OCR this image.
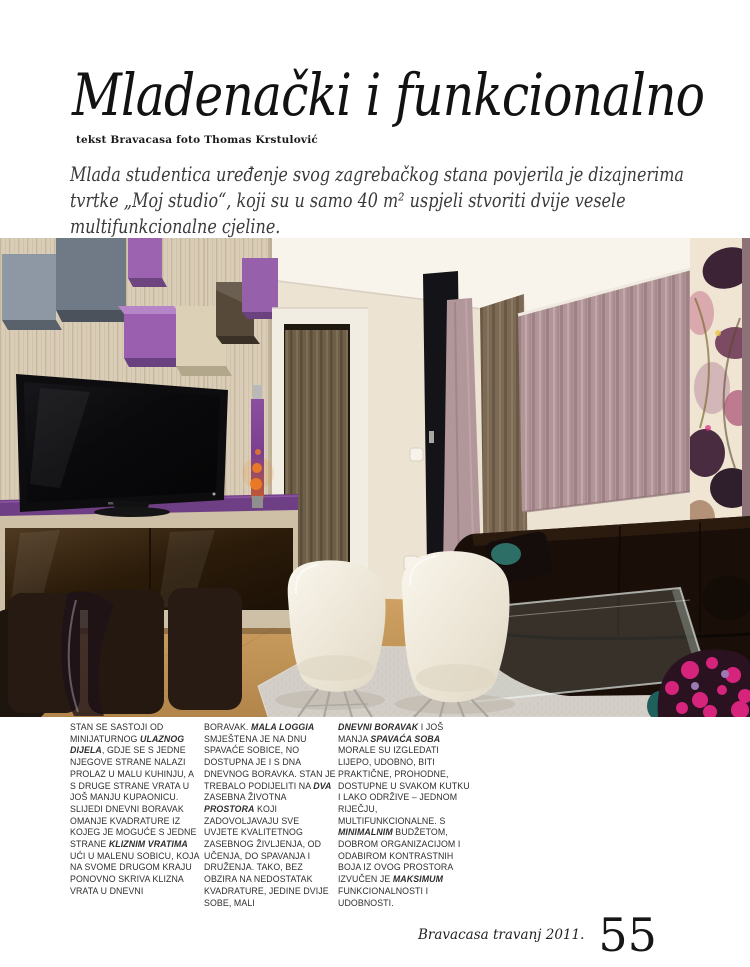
Mladenački i funkcionalno
tekst Bravacasa foto Thomas Krstulović

Mlada studentica uređenje svog zagrebačkog stana povjerila je dizajnerima tvrtke „Moj studio“, koji su u samo 40 m² uspjeli stvoriti dvije vesele multifunkcionalne cjeline.

STAN SE SASTOJI OD MINIJATURNOG ULAZNOG DIJELA, GDJE SE S JEDNE NJEGOVE STRANE NALAZI PROLAZ U MALU KUHINJU, A S DRUGE STRANE VRATA U JOŠ MANJU KUPAONICU. SLIJEDI DNEVNI BORAVAK OMANJE KVADRATURE IZ KOJEG JE MOGUĆE S JEDNE STRANE KLIZNIM VRATIMA UĆI U MALENU SOBICU, KOJA NA SVOME DRUGOM KRAJU PONOVNO SKRIVA KLIZNA VRATA U DNEVNI
BORAVAK. MALA LOGGIA SMJEŠTENA JE NA DNU SPAVAĆE SOBICE, NO DOSTUPNA JE I S DNA DNEVNOG BORAVKA. STAN JE TREBALO PODIJELITI NA DVA ZASEBNA ŽIVOTNA PROSTORA KOJI ZADOVOLJAVAJU SVE UVJETE KVALITETNOG ZASEBNOG ŽIVLJENJA, OD UČENJA, DO SPAVANJA I DRUŽENJA. TAKO, BEZ OBZIRA NA NEDOSTATAK KVADRATURE, JEDINE DVIJE SOBE, MALI
DNEVNI BORAVAK I JOŠ MANJA SPAVAĆA SOBA MORALE SU IZGLEDATI LIJEPO, UDOBNO, BITI PRAKTIČNE, PROHODNE, DOSTUPNE U SVAKOM KUTKU I LAKO ODRŽIVE – JEDNOM RIJEČJU, MULTIFUNKCIONALNE. S MINIMALNIM BUDŽETOM, DOBROM ORGANIZACIJOM I ODABIROM KONTRASTNIH BOJA IZ OVOG PROSTORA IZVUČEN JE MAKSIMUM FUNKCIONALNOSTI I UDOBNOSTI.
Bravacasa travanj 2011. 55
